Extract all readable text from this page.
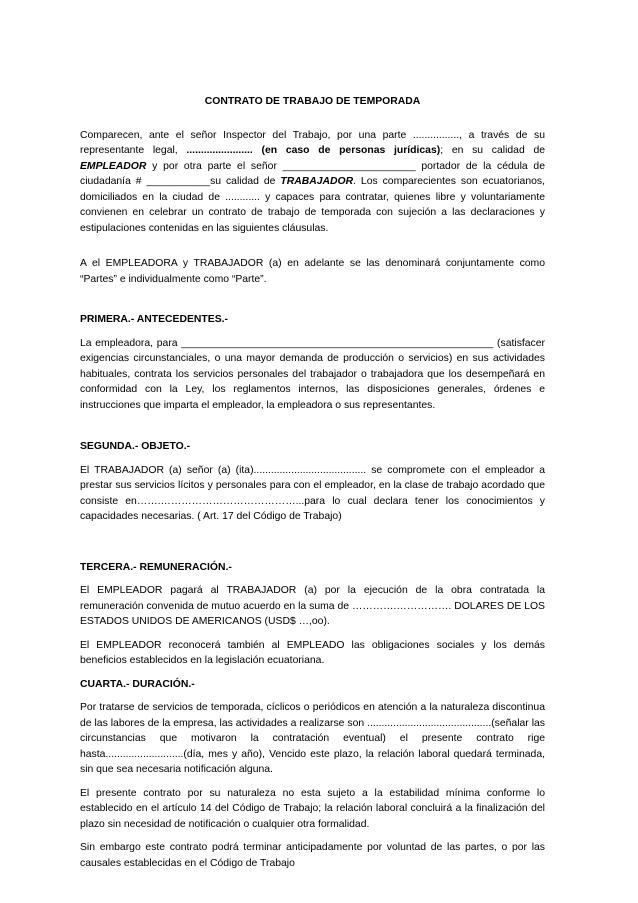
CONTRATO DE TRABAJO DE TEMPORADA

Comparecen, ante el señor Inspector del Trabajo, por una parte ................, a través de su representante legal, ....................... (en caso de personas jurídicas); en su calidad de EMPLEADOR y por otra parte el señor _______________________ portador de la cédula de ciudadanía # ___________su calidad de TRABAJADOR. Los comparecientes son ecuatorianos, domiciliados en la ciudad de ............ y capaces para contratar, quienes libre y voluntariamente convienen en celebrar un contrato de trabajo de temporada con sujeción a las declaraciones y estipulaciones contenidas en las siguientes cláusulas.

A el EMPLEADORA y TRABAJADOR (a) en adelante se las denominará conjuntamente como “Partes” e individualmente como “Parte”.

PRIMERA.- ANTECEDENTES.-

La empleadora, para ______________________________________________________ (satisfacer exigencias circunstanciales, o una mayor demanda de producción o servicios) en sus actividades habituales, contrata los servicios personales del trabajador o trabajadora que los desempeñará en conformidad con la Ley, los reglamentos internos, las disposiciones generales, órdenes e instrucciones que imparta el empleador, la empleadora o sus representantes.

SEGUNDA.- OBJETO.-

El TRABAJADOR (a) señor (a) (ita)....................................... se compromete con el empleador a prestar sus servicios lícitos y personales para con el empleador, en la clase de trabajo acordado que consiste en…….…………………………………...para lo cual declara tener los conocimientos y capacidades necesarias. ( Art. 17 del Código de Trabajo)

TERCERA.- REMUNERACIÓN.-

El EMPLEADOR pagará al TRABAJADOR (a) por la ejecución de la obra contratada la remuneración convenida de mutuo acuerdo en la suma de ………….……………. DOLARES DE LOS ESTADOS UNIDOS DE AMERICANOS (USD$ …,oo).

El EMPLEADOR reconocerá también al EMPLEADO las obligaciones sociales y los demás beneficios establecidos en la legislación ecuatoriana.

CUARTA.- DURACIÓN.-

Por tratarse de servicios de temporada, cíclicos o periódicos en atención a la naturaleza discontinua de las labores de la empresa, las actividades a realizarse son ...........................................(señalar las circunstancias que motivaron la contratación eventual) el presente contrato rige hasta...........................(día, mes y año), Vencido este plazo, la relación laboral quedará terminada, sin que sea necesaria notificación alguna.

El presente contrato por su naturaleza no esta sujeto a la estabilidad mínima conforme lo establecido en el artículo 14 del Código de Trabajo; la relación laboral concluirá a la finalización del plazo sin necesidad de notificación o cualquier otra formalidad.

Sin embargo este contrato podrá terminar anticipadamente por voluntad de las partes, o por las causales establecidas en el Código de Trabajo
